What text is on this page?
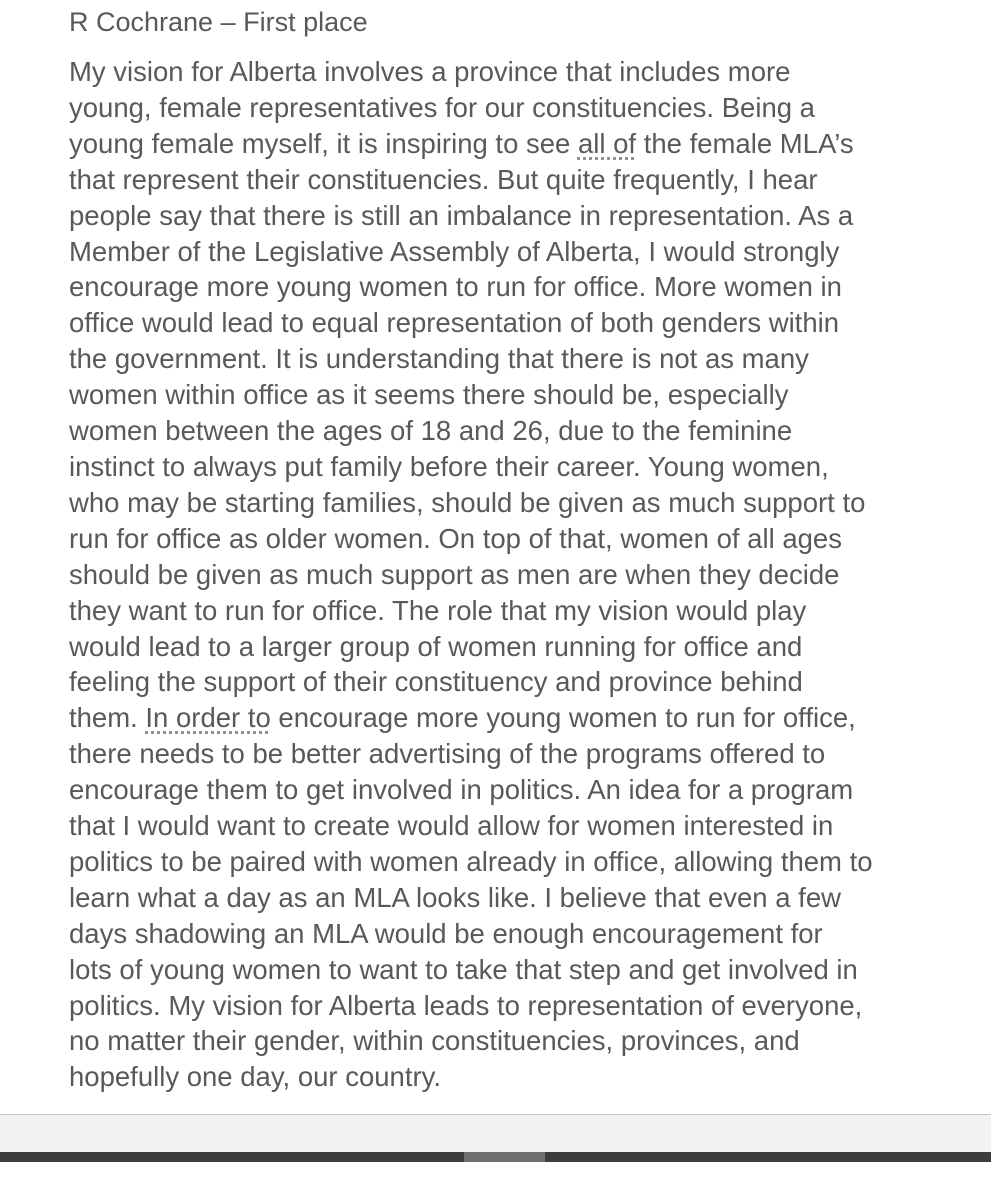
R Cochrane – First place
My vision for Alberta involves a province that includes more
young, female representatives for our constituencies. Being a
young female myself, it is inspiring to see all of the female MLA’s
that represent their constituencies. But quite frequently, I hear
people say that there is still an imbalance in representation. As a
Member of the Legislative Assembly of Alberta, I would strongly
encourage more young women to run for office. More women in
office would lead to equal representation of both genders within
the government. It is understanding that there is not as many
women within office as it seems there should be, especially
women between the ages of 18 and 26, due to the feminine
instinct to always put family before their career. Young women,
who may be starting families, should be given as much support to
run for office as older women. On top of that, women of all ages
should be given as much support as men are when they decide
they want to run for office. The role that my vision would play
would lead to a larger group of women running for office and
feeling the support of their constituency and province behind
them. In order to encourage more young women to run for office,
there needs to be better advertising of the programs offered to
encourage them to get involved in politics. An idea for a program
that I would want to create would allow for women interested in
politics to be paired with women already in office, allowing them to
learn what a day as an MLA looks like. I believe that even a few
days shadowing an MLA would be enough encouragement for
lots of young women to want to take that step and get involved in
politics. My vision for Alberta leads to representation of everyone,
no matter their gender, within constituencies, provinces, and
hopefully one day, our country.
